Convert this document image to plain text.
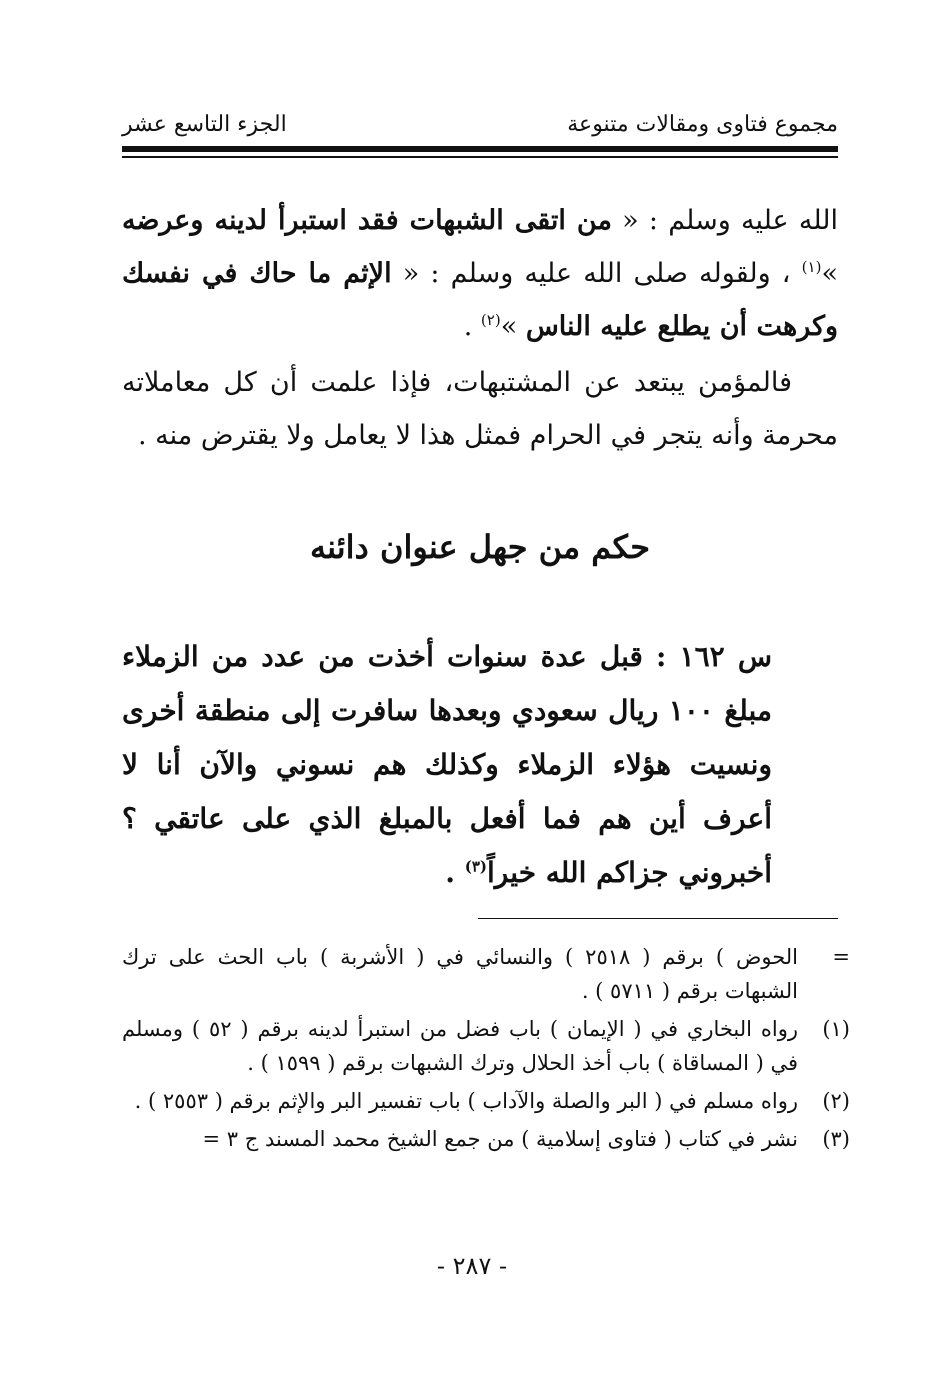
مجموع فتاوى ومقالات متنوعة
الجزء التاسع عشر

الله عليه وسلم : « من اتقى الشبهات فقد استبرأ لدينه وعرضه »$^{(١)}$ ، ولقوله صلى الله عليه وسلم : « الإثم ما حاك في نفسك وكرهت أن يطلع عليه الناس »$^{(٢)}$ .

فالمؤمن يبتعد عن المشتبهات، فإذا علمت أن كل معاملاته محرمة وأنه يتجر في الحرام فمثل هذا لا يعامل ولا يقترض منه .

حكم من جهل عنوان دائنه
س ١٦٢ : قبل عدة سنوات أخذت من عدد من الزملاء مبلغ ١٠٠ ريال سعودي وبعدها سافرت إلى منطقة أخرى ونسيت هؤلاء الزملاء وكذلك هم نسوني والآن أنا لا أعرف أين هم فما أفعل بالمبلغ الذي على عاتقي ؟ أخبروني جزاكم الله خيراً$^{(٣)}$ .
=
الحوض ) برقم ( ٢٥١٨ ) والنسائي في ( الأشربة ) باب الحث على ترك الشبهات برقم ( ٥٧١١ ) .
(١)
رواه البخاري في ( الإيمان ) باب فضل من استبرأ لدينه برقم ( ٥٢ ) ومسلم في ( المساقاة ) باب أخذ الحلال وترك الشبهات برقم ( ١٥٩٩ ) .
(٢)
رواه مسلم في ( البر والصلة والآداب ) باب تفسير البر والإثم برقم ( ٢٥٥٣ ) .
(٣)
نشر في كتاب ( فتاوى إسلامية ) من جمع الشيخ محمد المسند ج ٣ =
- ٢٨٧ -
